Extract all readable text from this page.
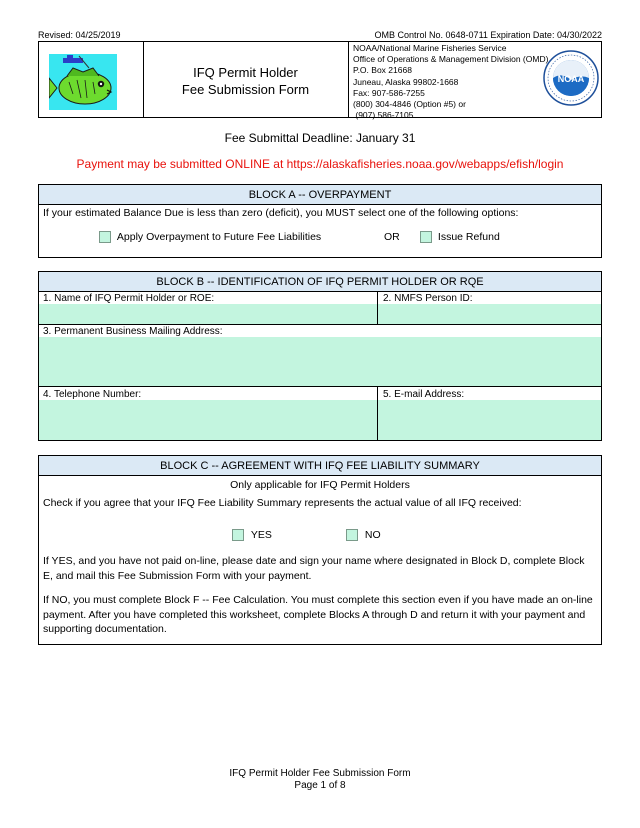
Revised: 04/25/2019	OMB Control No. 0648-0711 Expiration Date: 04/30/2022
IFQ Permit Holder
Fee Submission Form
NOAA/National Marine Fisheries Service
Office of Operations & Management Division (OMD)
P.O. Box 21668
Juneau, Alaska 99802-1668
Fax: 907-586-7255
(800) 304-4846 (Option #5) or
(907) 586-7105
NOAA
Fee Submittal Deadline: January 31
Payment may be submitted ONLINE at https://alaskafisheries.noaa.gov/webapps/efish/login
BLOCK A -- OVERPAYMENT
If your estimated Balance Due is less than zero (deficit), you MUST select one of the following options:
Apply Overpayment to Future Fee Liabilities	OR	Issue Refund
BLOCK B -- IDENTIFICATION OF IFQ PERMIT HOLDER OR RQE
1. Name of IFQ Permit Holder or ROE:	2. NMFS Person ID:
3. Permanent Business Mailing Address:
4. Telephone Number:	5. E-mail Address:
BLOCK C -- AGREEMENT WITH IFQ FEE LIABILITY SUMMARY
Only applicable for IFQ Permit Holders
Check if you agree that your IFQ Fee Liability Summary represents the actual value of all IFQ received:
YES	NO
If YES, and you have not paid on-line, please date and sign your name where designated in Block D, complete Block E, and mail this Fee Submission Form with your payment.
If NO, you must complete Block F -- Fee Calculation. You must complete this section even if you have made an on-line payment. After you have completed this worksheet, complete Blocks A through D and return it with your payment and supporting documentation.
IFQ Permit Holder Fee Submission Form
Page 1 of 8
